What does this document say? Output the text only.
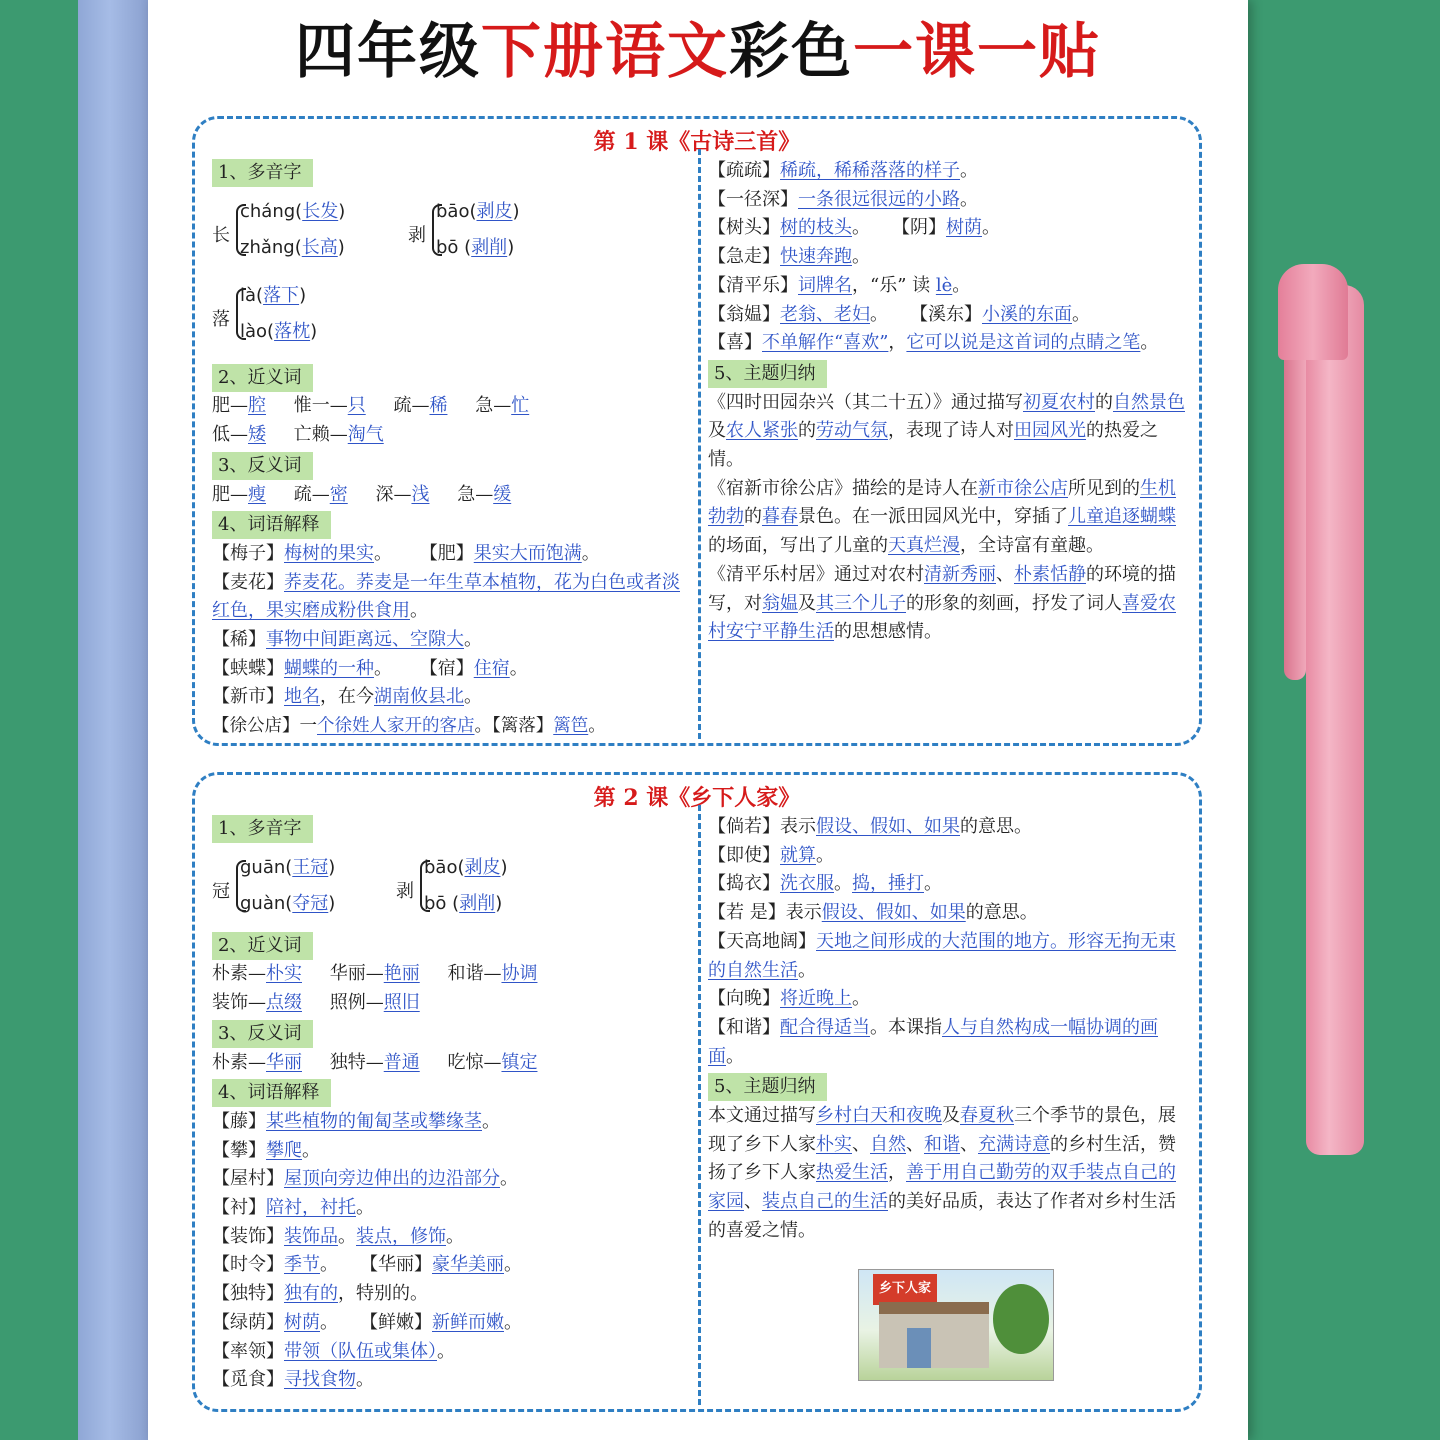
四年级下册语文彩色一课一贴
第 1 课《古诗三首》
1、多音字
长
cháng(长发)
zhǎng(长高)
剥
bāo(剥皮)
bō (剥削)
落
là(落下)
lào(落枕)
2、近义词
肥—腔 惟一—只 疏—稀 急—忙
低—矮 亡赖—淘气
3、反义词
肥—瘦 疏—密 深—浅 急—缓
4、词语解释
【梅子】梅树的果实。 【肥】果实大而饱满。
【麦花】荞麦花。荞麦是一年生草本植物，花为白色或者淡红色，果实磨成粉供食用。
【稀】事物中间距离远、空隙大。
【蛱蝶】蝴蝶的一种。 【宿】住宿。
【新市】地名，在今湖南攸县北。
【徐公店】一个徐姓人家开的客店。【篱落】篱笆。
【疏疏】稀疏，稀稀落落的样子。
【一径深】一条很远很远的小路。
【树头】树的枝头。 【阴】树荫。
【急走】快速奔跑。
【清平乐】词牌名，“乐” 读 lè。
【翁媪】老翁、老妇。 【溪东】小溪的东面。
【喜】不单解作“喜欢”，它可以说是这首词的点睛之笔。
5、主题归纳
《四时田园杂兴（其二十五）》通过描写初夏农村的自然景色及农人紧张的劳动气氛，表现了诗人对田园风光的热爱之情。
《宿新市徐公店》描绘的是诗人在新市徐公店所见到的生机勃勃的暮春景色。在一派田园风光中，穿插了儿童追逐蝴蝶的场面，写出了儿童的天真烂漫，全诗富有童趣。
《清平乐村居》通过对农村清新秀丽、朴素恬静的环境的描写，对翁媪及其三个儿子的形象的刻画，抒发了词人喜爱农村安宁平静生活的思想感情。
第 2 课《乡下人家》
1、多音字
冠
guān(王冠)
guàn(夺冠)
剥
bāo(剥皮)
bō (剥削)
2、近义词
朴素—朴实 华丽—艳丽 和谐—协调
装饰—点缀 照例—照旧
3、反义词
朴素—华丽 独特—普通 吃惊—镇定
4、词语解释
【藤】某些植物的匍匐茎或攀缘茎。
【攀】攀爬。
【屋村】屋顶向旁边伸出的边沿部分。
【衬】陪衬，衬托。
【装饰】装饰品。装点，修饰。
【时令】季节。 【华丽】豪华美丽。
【独特】独有的，特别的。
【绿荫】树荫。 【鲜嫩】新鲜而嫩。
【率领】带领（队伍或集体）。
【觅食】寻找食物。
【倘若】表示假设、假如、如果的意思。
【即使】就算。
【捣衣】洗衣服。捣，捶打。
【若 是】表示假设、假如、如果的意思。
【天高地阔】天地之间形成的大范围的地方。形容无拘无束的自然生活。
【向晚】将近晚上。
【和谐】配合得适当。本课指人与自然构成一幅协调的画面。
5、主题归纳
本文通过描写乡村白天和夜晚及春夏秋三个季节的景色，展现了乡下人家朴实、自然、和谐、充满诗意的乡村生活，赞扬了乡下人家热爱生活，善于用自己勤劳的双手装点自己的家园、装点自己的生活的美好品质，表达了作者对乡村生活的喜爱之情。
乡下人家
